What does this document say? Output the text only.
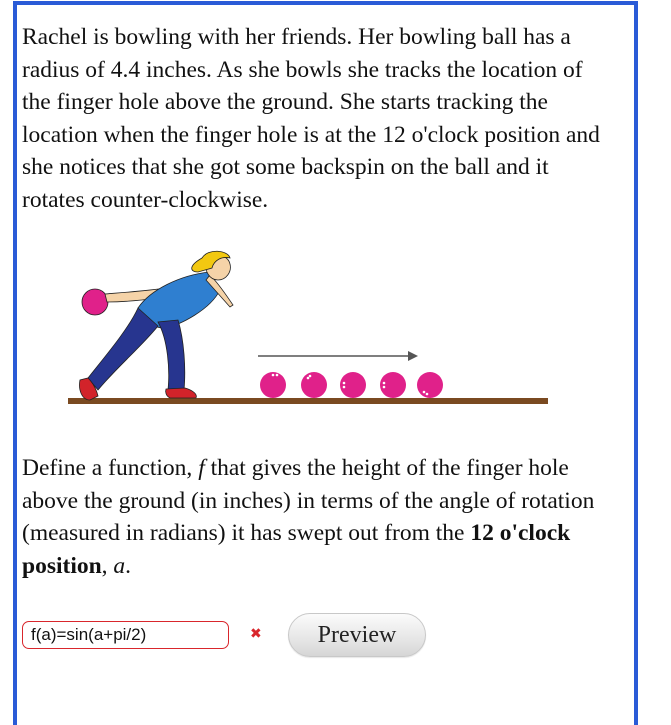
Rachel is bowling with her friends. Her bowling ball has a radius of 4.4 inches. As she bowls she tracks the location of the finger hole above the ground. She starts tracking the location when the finger hole is at the 12 o'clock position and she notices that she got some backspin on the ball and it rotates counter-clockwise.
Define a function, f that gives the height of the finger hole above the ground (in inches) in terms of the angle of rotation (measured in radians) it has swept out from the 12 o'clock position, a.
f(a)=sin(a+pi/2)
✖	Preview
